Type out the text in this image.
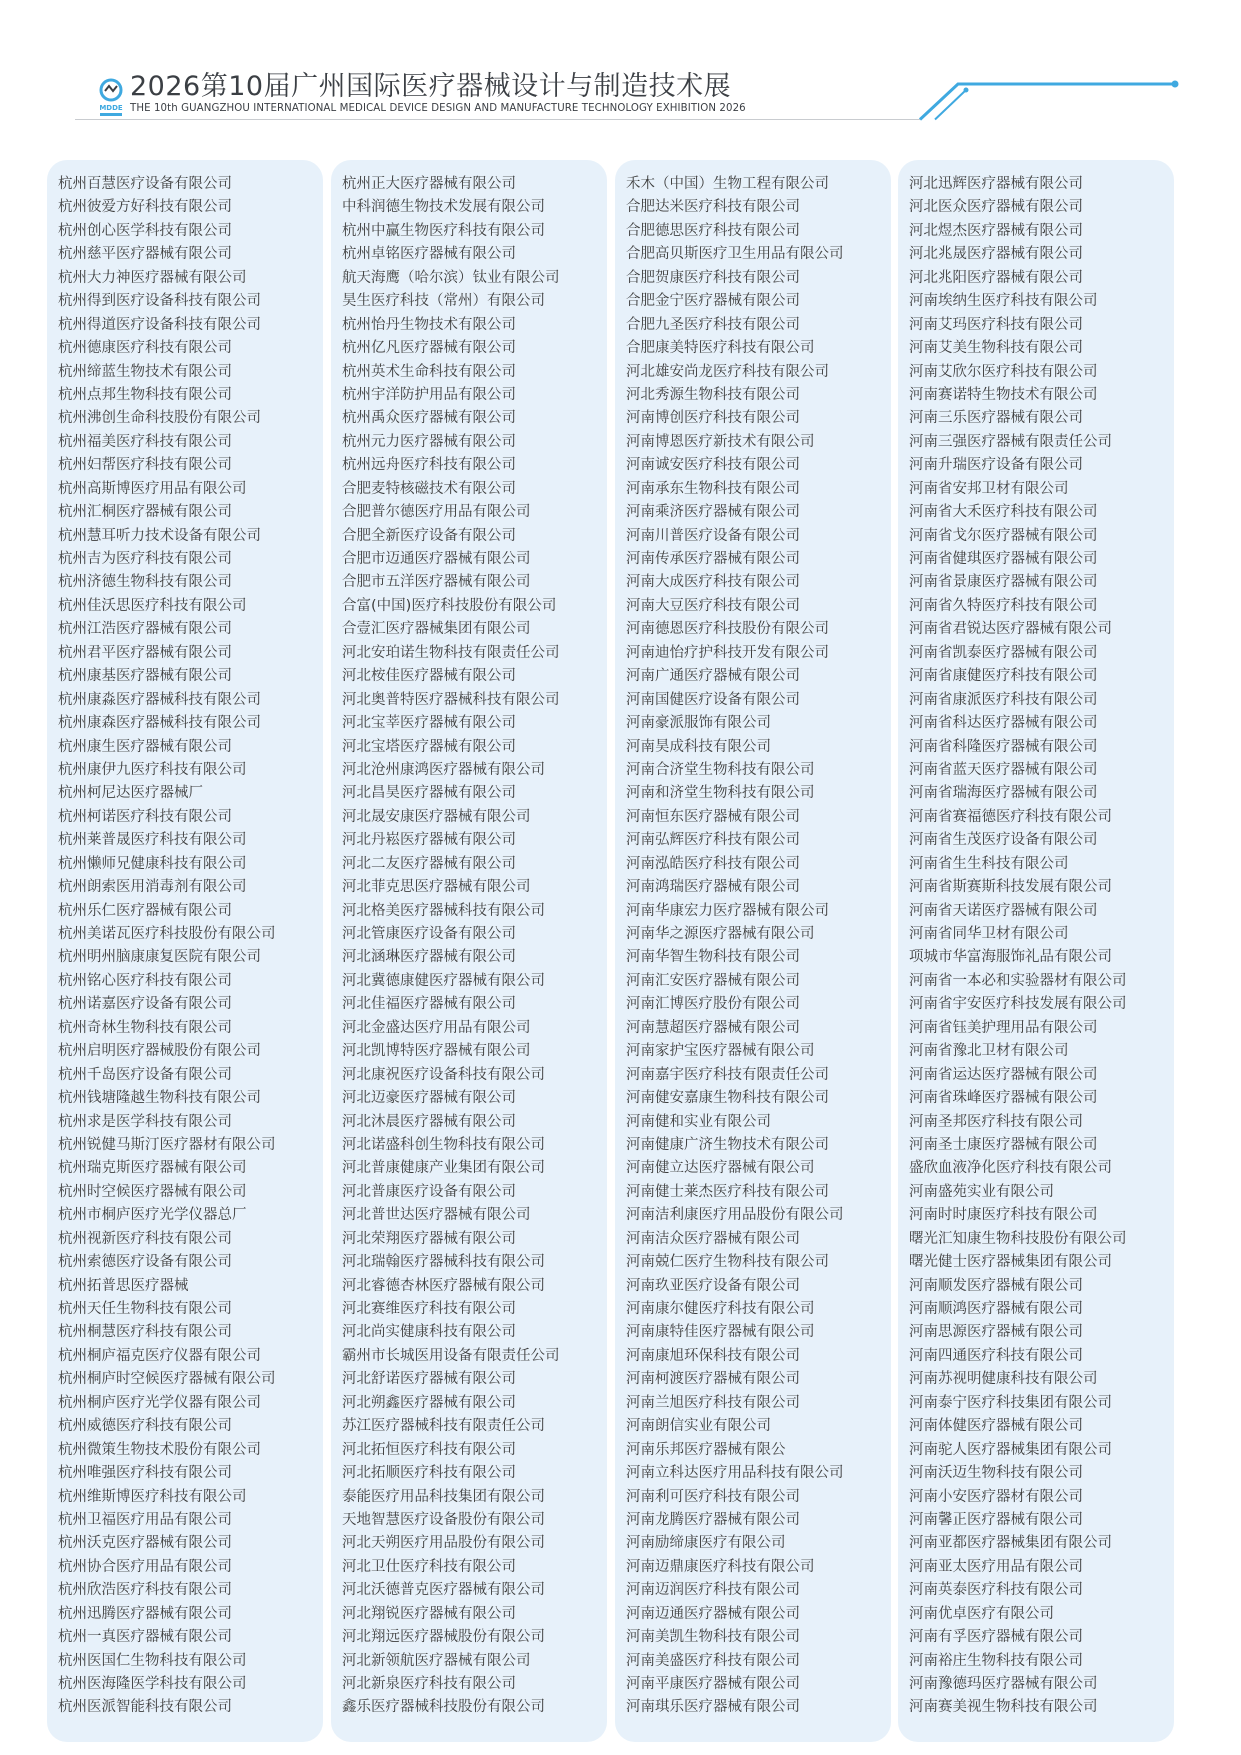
MDDE
2026第10届广州国际医疗器械设计与制造技术展
THE 10th GUANGZHOU INTERNATIONAL MEDICAL DEVICE DESIGN AND MANUFACTURE TECHNOLOGY EXHIBITION 2026
杭州百慧医疗设备有限公司
杭州彼爱方好科技有限公司
杭州创心医学科技有限公司
杭州慈平医疗器械有限公司
杭州大力神医疗器械有限公司
杭州得到医疗设备科技有限公司
杭州得道医疗设备科技有限公司
杭州德康医疗科技有限公司
杭州缔蓝生物技术有限公司
杭州点邦生物科技有限公司
杭州沸创生命科技股份有限公司
杭州福美医疗科技有限公司
杭州妇帮医疗科技有限公司
杭州高斯博医疗用品有限公司
杭州汇桐医疗器械有限公司
杭州慧耳听力技术设备有限公司
杭州吉为医疗科技有限公司
杭州济德生物科技有限公司
杭州佳沃思医疗科技有限公司
杭州江浩医疗器械有限公司
杭州君平医疗器械有限公司
杭州康基医疗器械有限公司
杭州康淼医疗器械科技有限公司
杭州康森医疗器械科技有限公司
杭州康生医疗器械有限公司
杭州康伊九医疗科技有限公司
杭州柯尼达医疗器械厂
杭州柯诺医疗科技有限公司
杭州莱普晟医疗科技有限公司
杭州懒师兄健康科技有限公司
杭州朗索医用消毒剂有限公司
杭州乐仁医疗器械有限公司
杭州美诺瓦医疗科技股份有限公司
杭州明州脑康康复医院有限公司
杭州铭心医疗科技有限公司
杭州诺嘉医疗设备有限公司
杭州奇林生物科技有限公司
杭州启明医疗器械股份有限公司
杭州千岛医疗设备有限公司
杭州钱塘隆越生物科技有限公司
杭州求是医学科技有限公司
杭州锐健马斯汀医疗器材有限公司
杭州瑞克斯医疗器械有限公司
杭州时空候医疗器械有限公司
杭州市桐庐医疗光学仪器总厂
杭州视新医疗科技有限公司
杭州索德医疗设备有限公司
杭州拓普思医疗器械
杭州天任生物科技有限公司
杭州桐慧医疗科技有限公司
杭州桐庐福克医疗仪器有限公司
杭州桐庐时空候医疗器械有限公司
杭州桐庐医疗光学仪器有限公司
杭州威德医疗科技有限公司
杭州微策生物技术股份有限公司
杭州唯强医疗科技有限公司
杭州维斯博医疗科技有限公司
杭州卫福医疗用品有限公司
杭州沃克医疗器械有限公司
杭州协合医疗用品有限公司
杭州欣浩医疗科技有限公司
杭州迅腾医疗器械有限公司
杭州一真医疗器械有限公司
杭州医国仁生物科技有限公司
杭州医海隆医学科技有限公司
杭州医派智能科技有限公司
杭州正大医疗器械有限公司
中科润德生物技术发展有限公司
杭州中赢生物医疗科技有限公司
杭州卓铭医疗器械有限公司
航天海鹰（哈尔滨）钛业有限公司
昊生医疗科技（常州）有限公司
杭州怡丹生物技术有限公司
杭州亿凡医疗器械有限公司
杭州英术生命科技有限公司
杭州宇洋防护用品有限公司
杭州禹众医疗器械有限公司
杭州元力医疗器械有限公司
杭州远舟医疗科技有限公司
合肥麦特核磁技术有限公司
合肥普尔德医疗用品有限公司
合肥全新医疗设备有限公司
合肥市迈通医疗器械有限公司
合肥市五洋医疗器械有限公司
合富(中国)医疗科技股份有限公司
合壹汇医疗器械集团有限公司
河北安珀诺生物科技有限责任公司
河北桉佳医疗器械有限公司
河北奥普特医疗器械科技有限公司
河北宝莘医疗器械有限公司
河北宝塔医疗器械有限公司
河北沧州康鸿医疗器械有限公司
河北昌昊医疗器械有限公司
河北晟安康医疗器械有限公司
河北丹崧医疗器械有限公司
河北二友医疗器械有限公司
河北菲克思医疗器械有限公司
河北格美医疗器械科技有限公司
河北管康医疗设备有限公司
河北涵琳医疗器械有限公司
河北冀德康健医疗器械有限公司
河北佳福医疗器械有限公司
河北金盛达医疗用品有限公司
河北凯博特医疗器械有限公司
河北康祝医疗设备科技有限公司
河北迈豪医疗器械有限公司
河北沐晨医疗器械有限公司
河北诺盛科创生物科技有限公司
河北普康健康产业集团有限公司
河北普康医疗设备有限公司
河北普世达医疗器械有限公司
河北荣翔医疗器械有限公司
河北瑞翰医疗器械科技有限公司
河北睿德杏林医疗器械有限公司
河北赛维医疗科技有限公司
河北尚实健康科技有限公司
霸州市长城医用设备有限责任公司
河北舒诺医疗器械有限公司
河北朔鑫医疗器械有限公司
苏江医疗器械科技有限责任公司
河北拓恒医疗科技有限公司
河北拓顺医疗科技有限公司
泰能医疗用品科技集团有限公司
天地智慧医疗设备股份有限公司
河北天朔医疗用品股份有限公司
河北卫仕医疗科技有限公司
河北沃德普克医疗器械有限公司
河北翔锐医疗器械有限公司
河北翔远医疗器械股份有限公司
河北新领航医疗器械有限公司
河北新泉医疗科技有限公司
鑫乐医疗器械科技股份有限公司
禾木（中国）生物工程有限公司
合肥达米医疗科技有限公司
合肥德思医疗科技有限公司
合肥高贝斯医疗卫生用品有限公司
合肥贺康医疗科技有限公司
合肥金宁医疗器械有限公司
合肥九圣医疗科技有限公司
合肥康美特医疗科技有限公司
河北雄安尚龙医疗科技有限公司
河北秀源生物科技有限公司
河南博创医疗科技有限公司
河南博恩医疗新技术有限公司
河南诚安医疗科技有限公司
河南承东生物科技有限公司
河南乘济医疗器械有限公司
河南川普医疗设备有限公司
河南传承医疗器械有限公司
河南大成医疗科技有限公司
河南大豆医疗科技有限公司
河南德恩医疗科技股份有限公司
河南迪怡疗护科技开发有限公司
河南广通医疗器械有限公司
河南国健医疗设备有限公司
河南豪派服饰有限公司
河南昊成科技有限公司
河南合济堂生物科技有限公司
河南和济堂生物科技有限公司
河南恒东医疗器械有限公司
河南弘辉医疗科技有限公司
河南泓皓医疗科技有限公司
河南鸿瑞医疗器械有限公司
河南华康宏力医疗器械有限公司
河南华之源医疗器械有限公司
河南华智生物科技有限公司
河南汇安医疗器械有限公司
河南汇博医疗股份有限公司
河南慧超医疗器械有限公司
河南家护宝医疗器械有限公司
河南嘉宇医疗科技有限责任公司
河南健安嘉康生物科技有限公司
河南健和实业有限公司
河南健康广济生物技术有限公司
河南健立达医疗器械有限公司
河南健士莱杰医疗科技有限公司
河南洁利康医疗用品股份有限公司
河南洁众医疗器械有限公司
河南兢仁医疗生物科技有限公司
河南玖亚医疗设备有限公司
河南康尔健医疗科技有限公司
河南康特佳医疗器械有限公司
河南康旭环保科技有限公司
河南柯渡医疗器械有限公司
河南兰旭医疗科技有限公司
河南朗信实业有限公司
河南乐邦医疗器械有限公
河南立科达医疗用品科技有限公司
河南利可医疗科技有限公司
河南龙腾医疗器械有限公司
河南励缔康医疗有限公司
河南迈鼎康医疗科技有限公司
河南迈润医疗科技有限公司
河南迈通医疗器械有限公司
河南美凯生物科技有限公司
河南美盛医疗科技有限公司
河南平康医疗器械有限公司
河南琪乐医疗器械有限公司
河北迅辉医疗器械有限公司
河北医众医疗器械有限公司
河北煜杰医疗器械有限公司
河北兆晟医疗器械有限公司
河北兆阳医疗器械有限公司
河南埃纳生医疗科技有限公司
河南艾玛医疗科技有限公司
河南艾美生物科技有限公司
河南艾欣尔医疗科技有限公司
河南赛诺特生物技术有限公司
河南三乐医疗器械有限公司
河南三强医疗器械有限责任公司
河南升瑞医疗设备有限公司
河南省安邦卫材有限公司
河南省大禾医疗科技有限公司
河南省戈尔医疗器械有限公司
河南省健琪医疗器械有限公司
河南省景康医疗器械有限公司
河南省久特医疗科技有限公司
河南省君锐达医疗器械有限公司
河南省凯泰医疗器械有限公司
河南省康健医疗科技有限公司
河南省康派医疗科技有限公司
河南省科达医疗器械有限公司
河南省科隆医疗器械有限公司
河南省蓝天医疗器械有限公司
河南省瑞海医疗器械有限公司
河南省赛福德医疗科技有限公司
河南省生茂医疗设备有限公司
河南省生生科技有限公司
河南省斯赛斯科技发展有限公司
河南省天诺医疗器械有限公司
河南省同华卫材有限公司
项城市华富海服饰礼品有限公司
河南省一本必和实验器材有限公司
河南省宇安医疗科技发展有限公司
河南省钰美护理用品有限公司
河南省豫北卫材有限公司
河南省运达医疗器械有限公司
河南省珠峰医疗器械有限公司
河南圣邦医疗科技有限公司
河南圣士康医疗器械有限公司
盛欣血液净化医疗科技有限公司
河南盛苑实业有限公司
河南时时康医疗科技有限公司
曙光汇知康生物科技股份有限公司
曙光健士医疗器械集团有限公司
河南顺发医疗器械有限公司
河南顺鸿医疗器械有限公司
河南思源医疗器械有限公司
河南四通医疗科技有限公司
河南苏视明健康科技有限公司
河南泰宁医疗科技集团有限公司
河南体健医疗器械有限公司
河南驼人医疗器械集团有限公司
河南沃迈生物科技有限公司
河南小安医疗器材有限公司
河南馨正医疗器械有限公司
河南亚都医疗器械集团有限公司
河南亚太医疗用品有限公司
河南英泰医疗科技有限公司
河南优卓医疗有限公司
河南有孚医疗器械有限公司
河南裕庄生物科技有限公司
河南豫德玛医疗器械有限公司
河南赛美视生物科技有限公司
